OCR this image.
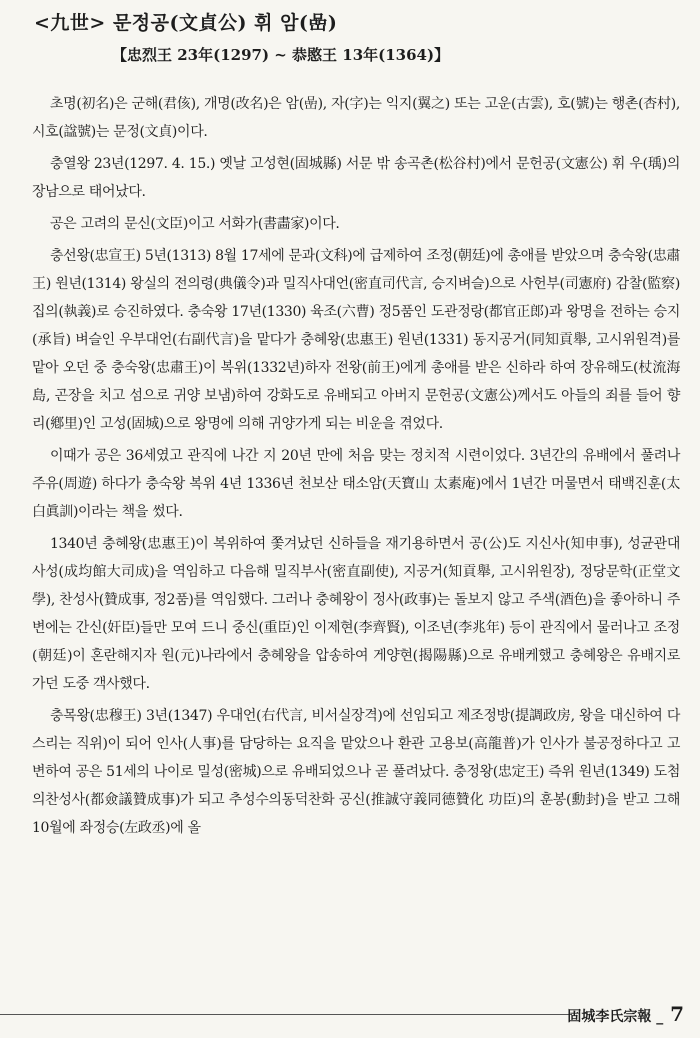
<九世> 문정공(文貞公) 휘 암(嵒)
【忠烈王 23年(1297) ~ 恭愍王 13年(1364)】

초명(初名)은 군해(君侅), 개명(改名)은 암(嵒), 자(字)는 익지(翼之) 또는 고운(古雲), 호(號)는 행촌(杏村), 시호(諡號)는 문정(文貞)이다.

충열왕 23년(1297. 4. 15.) 옛날 고성현(固城縣) 서문 밖 송곡촌(松谷村)에서 문헌공(文憲公) 휘 우(瑀)의 장남으로 태어났다.

공은 고려의 문신(文臣)이고 서화가(書畵家)이다.

충선왕(忠宣王) 5년(1313) 8월 17세에 문과(文科)에 급제하여 조정(朝廷)에 총애를 받았으며 충숙왕(忠肅王) 원년(1314) 왕실의 전의령(典儀令)과 밀직사대언(密直司代言, 승지벼슬)으로 사헌부(司憲府) 감찰(監察) 집의(執義)로 승진하였다. 충숙왕 17년(1330) 육조(六曹) 정5품인 도관정랑(都官正郎)과 왕명을 전하는 승지(承旨) 벼슬인 우부대언(右副代言)을 맡다가 충혜왕(忠惠王) 원년(1331) 동지공거(同知貢舉, 고시위원격)를 맡아 오던 중 충숙왕(忠肅王)이 복위(1332년)하자 전왕(前王)에게 총애를 받은 신하라 하여 장유해도(杖流海島, 곤장을 치고 섬으로 귀양 보냄)하여 강화도로 유배되고 아버지 문헌공(文憲公)께서도 아들의 죄를 들어 향리(鄕里)인 고성(固城)으로 왕명에 의해 귀양가게 되는 비운을 겪었다.

이때가 공은 36세였고 관직에 나간 지 20년 만에 처음 맞는 정치적 시련이었다. 3년간의 유배에서 풀려나 주유(周遊) 하다가 충숙왕 복위 4년 1336년 천보산 태소암(天寶山 太素庵)에서 1년간 머물면서 태백진훈(太白眞訓)이라는 책을 썼다.

1340년 충혜왕(忠惠王)이 복위하여 쫓겨났던 신하들을 재기용하면서 공(公)도 지신사(知申事), 성균관대사성(成均館大司成)을 역임하고 다음해 밀직부사(密直副使), 지공거(知貢舉, 고시위원장), 정당문학(正堂文學), 찬성사(贊成事, 정2품)를 역임했다. 그러나 충혜왕이 정사(政事)는 돌보지 않고 주색(酒色)을 좋아하니 주변에는 간신(奸臣)들만 모여 드니 중신(重臣)인 이제현(李齊賢), 이조년(李兆年) 등이 관직에서 물러나고 조정(朝廷)이 혼란해지자 원(元)나라에서 충혜왕을 압송하여 게양현(揭陽縣)으로 유배케했고 충혜왕은 유배지로 가던 도중 객사했다.

충목왕(忠穆王) 3년(1347) 우대언(右代言, 비서실장격)에 선임되고 제조정방(提調政房, 왕을 대신하여 다스리는 직위)이 되어 인사(人事)를 담당하는 요직을 맡았으나 환관 고용보(高龍普)가 인사가 불공정하다고 고변하여 공은 51세의 나이로 밀성(密城)으로 유배되었으나 곧 풀려났다. 충정왕(忠定王) 즉위 원년(1349) 도첨의찬성사(都僉議贊成事)가 되고 추성수의동덕찬화 공신(推誠守義同德贊化 功臣)의 훈봉(勳封)을 받고 그해 10월에 좌정승(左政丞)에 올

固城李氏宗報 _ 7
